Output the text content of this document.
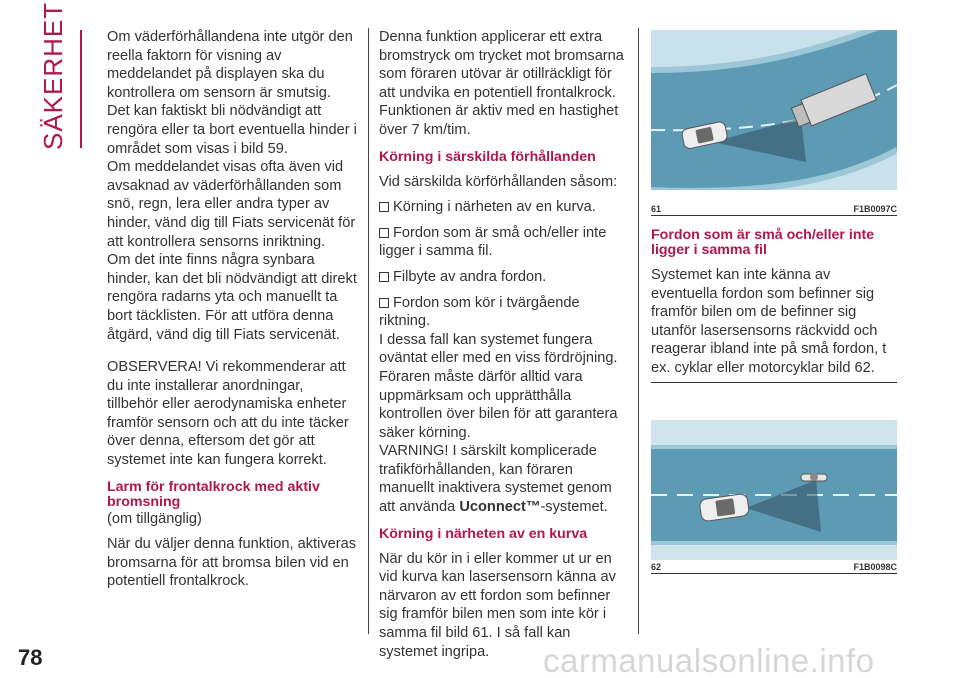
SÄKERHET	Om väderförhållandena inte utgör den reella faktorn för visning av meddelandet på displayen ska du kontrollera om sensorn är smutsig. Det kan faktiskt bli nödvändigt att rengöra eller ta bort eventuella hinder i området som visas i bild 59.

Om meddelandet visas ofta även vid avsaknad av väderförhållanden som snö, regn, lera eller andra typer av hinder, vänd dig till Fiats servicenät för att kontrollera sensorns inriktning.

Om det inte finns några synbara hinder, kan det bli nödvändigt att direkt rengöra radarns yta och manuellt ta bort täcklisten. För att utföra denna åtgärd, vänd dig till Fiats servicenät.

OBSERVERA! Vi rekommenderar att du inte installerar anordningar, tillbehör eller aerodynamiska enheter framför sensorn och att du inte täcker över denna, eftersom det gör att systemet inte kan fungera korrekt.

Larm för frontalkrock med aktiv bromsning

(om tillgänglig)

När du väljer denna funktion, aktiveras bromsarna för att bromsa bilen vid en potentiell frontalkrock.

Denna funktion applicerar ett extra bromstryck om trycket mot bromsarna som föraren utövar är otillräckligt för att undvika en potentiell frontalkrock. Funktionen är aktiv med en hastighet över 7 km/tim.

Körning i särskilda förhållanden

Vid särskilda körförhållanden såsom:

Körning i närheten av en kurva.

Fordon som är små och/eller inte ligger i samma fil.

Filbyte av andra fordon.

Fordon som kör i tvärgående riktning.

I dessa fall kan systemet fungera oväntat eller med en viss fördröjning. Föraren måste därför alltid vara uppmärksam och upprätthålla kontrollen över bilen för att garantera säker körning.

VARNING! I särskilt komplicerade trafikförhållanden, kan föraren manuellt inaktivera systemet genom att använda Uconnect™-systemet.

Körning i närheten av en kurva

När du kör in i eller kommer ut ur en vid kurva kan lasersensorn känna av närvaron av ett fordon som befinner sig framför bilen men som inte kör i samma fil bild 61. I så fall kan systemet ingripa.

61	F1B0097C

Fordon som är små och/eller inte ligger i samma fil

Systemet kan inte känna av eventuella fordon som befinner sig framför bilen om de befinner sig utanför lasersensorns räckvidd och reagerar ibland inte på små fordon, t ex. cyklar eller motorcyklar bild 62.

62	F1B0098C
78	carmanualsonline.info
